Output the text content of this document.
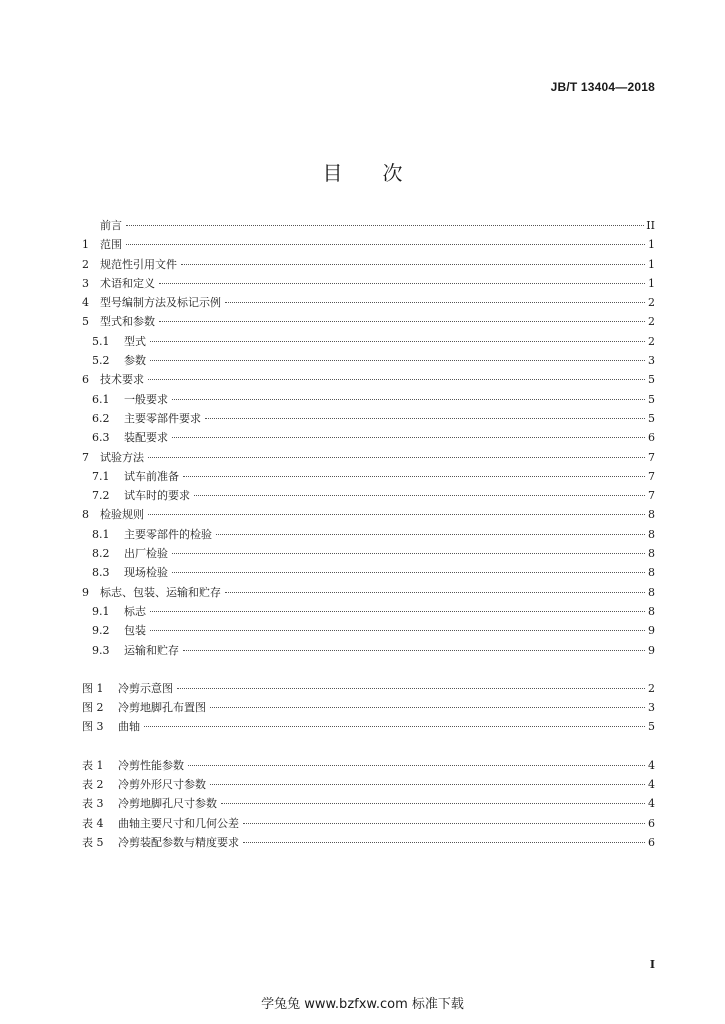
JB/T 13404—2018
目次
前言	II
1	范围	1
2	规范性引用文件	1
3	术语和定义	1
4	型号编制方法及标记示例	2
5	型式和参数	2
5.1	型式	2
5.2	参数	3
6	技术要求	5
6.1	一般要求	5
6.2	主要零部件要求	5
6.3	装配要求	6
7	试验方法	7
7.1	试车前准备	7
7.2	试车时的要求	7
8	检验规则	8
8.1	主要零部件的检验	8
8.2	出厂检验	8
8.3	现场检验	8
9	标志、包装、运输和贮存	8
9.1	标志	8
9.2	包装	9
9.3	运输和贮存	9
图 1	冷剪示意图	2
图 2	冷剪地脚孔布置图	3
图 3	曲轴	5
表 1	冷剪性能参数	4
表 2	冷剪外形尺寸参数	4
表 3	冷剪地脚孔尺寸参数	4
表 4	曲轴主要尺寸和几何公差	6
表 5	冷剪装配参数与精度要求	6
I
学兔兔 www.bzfxw.com 标准下载
